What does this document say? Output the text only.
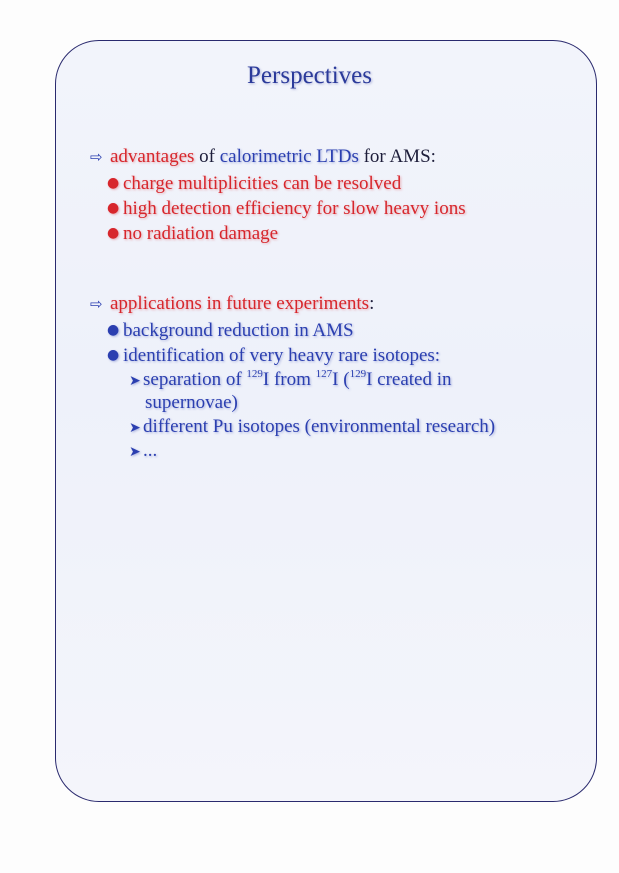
Perspectives
⇨ advantages of calorimetric LTDs for AMS:
● charge multiplicities can be resolved
● high detection efficiency for slow heavy ions
● no radiation damage
⇨ applications in future experiments:
● background reduction in AMS
● identification of very heavy rare isotopes:
➤ separation of $^{129}$I from $^{127}$I ($^{129}$I created in
supernovae)
➤ different Pu isotopes (environmental research)
➤ ...
